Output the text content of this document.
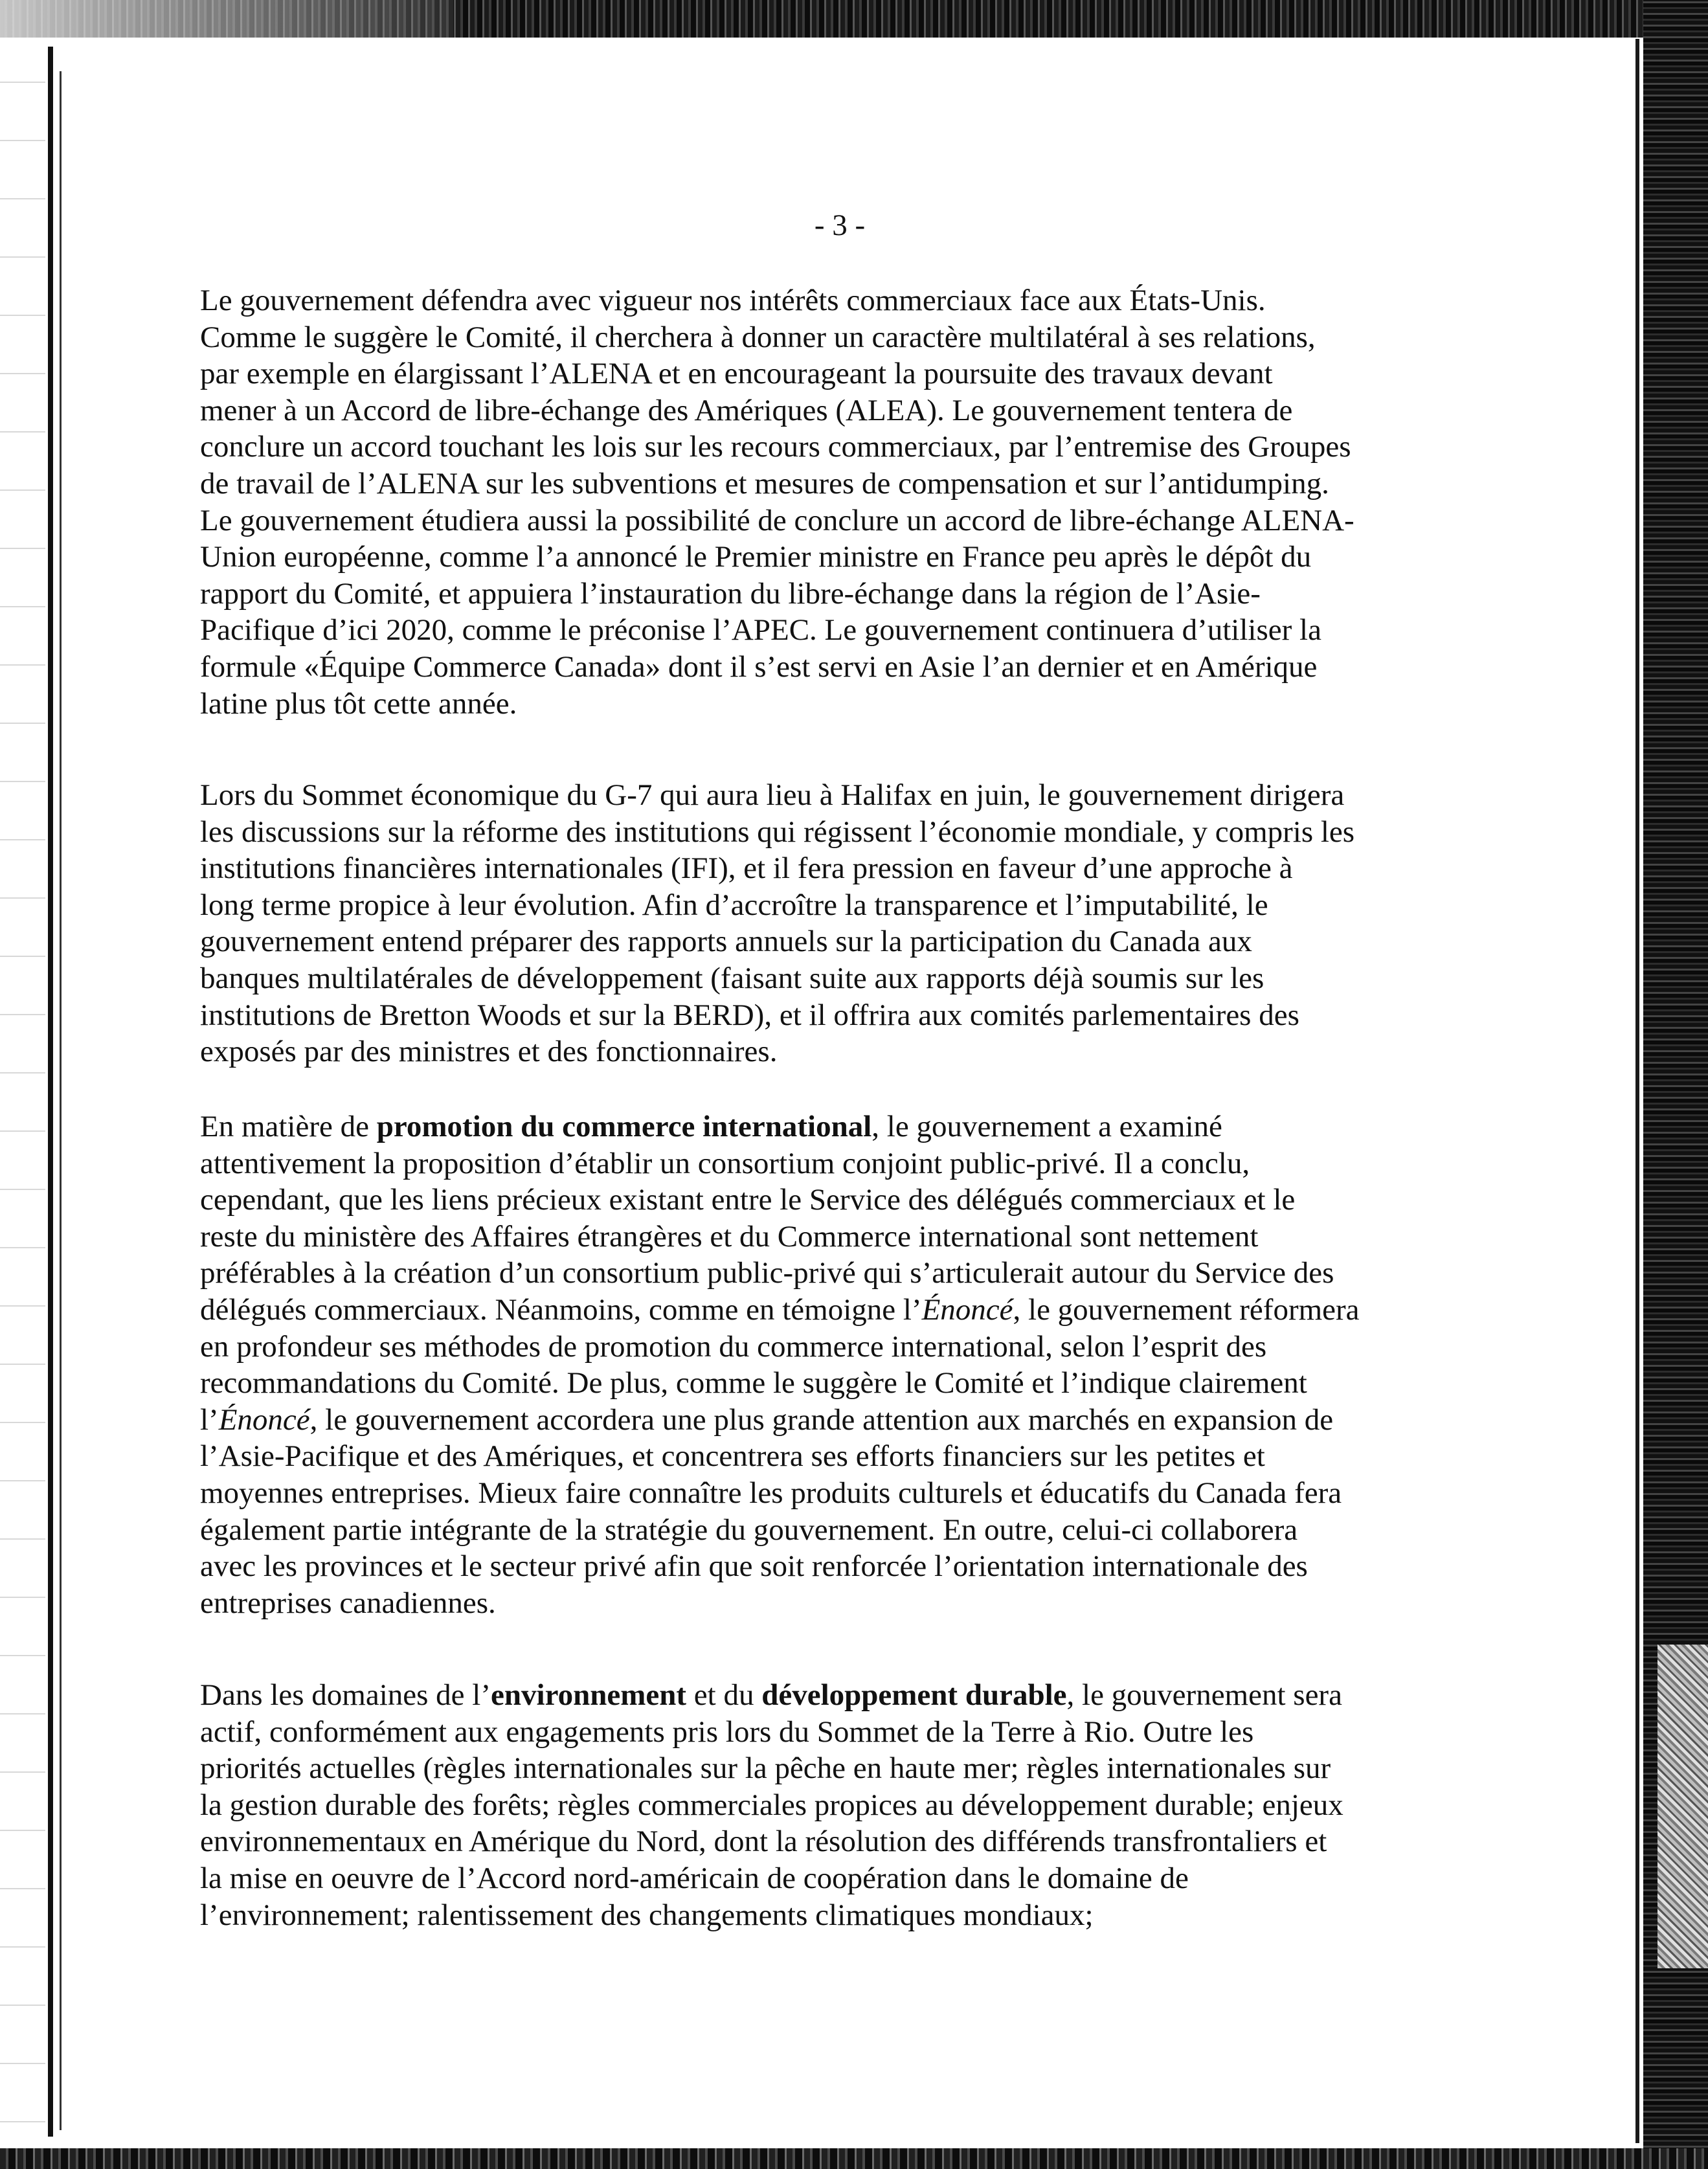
- 3 -

Le gouvernement défendra avec vigueur nos intérêts commerciaux face aux États-Unis.
Comme le suggère le Comité, il cherchera à donner un caractère multilatéral à ses relations,
par exemple en élargissant l’ALENA et en encourageant la poursuite des travaux devant
mener à un Accord de libre-échange des Amériques (ALEA). Le gouvernement tentera de
conclure un accord touchant les lois sur les recours commerciaux, par l’entremise des Groupes
de travail de l’ALENA sur les subventions et mesures de compensation et sur l’antidumping.
Le gouvernement étudiera aussi la possibilité de conclure un accord de libre-échange ALENA-
Union européenne, comme l’a annoncé le Premier ministre en France peu après le dépôt du
rapport du Comité, et appuiera l’instauration du libre-échange dans la région de l’Asie-
Pacifique d’ici 2020, comme le préconise l’APEC. Le gouvernement continuera d’utiliser la
formule «Équipe Commerce Canada» dont il s’est servi en Asie l’an dernier et en Amérique
latine plus tôt cette année.

Lors du Sommet économique du G-7 qui aura lieu à Halifax en juin, le gouvernement dirigera
les discussions sur la réforme des institutions qui régissent l’économie mondiale, y compris les
institutions financières internationales (IFI), et il fera pression en faveur d’une approche à
long terme propice à leur évolution. Afin d’accroître la transparence et l’imputabilité, le
gouvernement entend préparer des rapports annuels sur la participation du Canada aux
banques multilatérales de développement (faisant suite aux rapports déjà soumis sur les
institutions de Bretton Woods et sur la BERD), et il offrira aux comités parlementaires des
exposés par des ministres et des fonctionnaires.

En matière de promotion du commerce international, le gouvernement a examiné
attentivement la proposition d’établir un consortium conjoint public-privé. Il a conclu,
cependant, que les liens précieux existant entre le Service des délégués commerciaux et le
reste du ministère des Affaires étrangères et du Commerce international sont nettement
préférables à la création d’un consortium public-privé qui s’articulerait autour du Service des
délégués commerciaux. Néanmoins, comme en témoigne l’Énoncé, le gouvernement réformera
en profondeur ses méthodes de promotion du commerce international, selon l’esprit des
recommandations du Comité. De plus, comme le suggère le Comité et l’indique clairement
l’Énoncé, le gouvernement accordera une plus grande attention aux marchés en expansion de
l’Asie-Pacifique et des Amériques, et concentrera ses efforts financiers sur les petites et
moyennes entreprises. Mieux faire connaître les produits culturels et éducatifs du Canada fera
également partie intégrante de la stratégie du gouvernement. En outre, celui-ci collaborera
avec les provinces et le secteur privé afin que soit renforcée l’orientation internationale des
entreprises canadiennes.

Dans les domaines de l’environnement et du développement durable, le gouvernement sera
actif, conformément aux engagements pris lors du Sommet de la Terre à Rio. Outre les
priorités actuelles (règles internationales sur la pêche en haute mer; règles internationales sur
la gestion durable des forêts; règles commerciales propices au développement durable; enjeux
environnementaux en Amérique du Nord, dont la résolution des différends transfrontaliers et
la mise en oeuvre de l’Accord nord-américain de coopération dans le domaine de
l’environnement; ralentissement des changements climatiques mondiaux;
